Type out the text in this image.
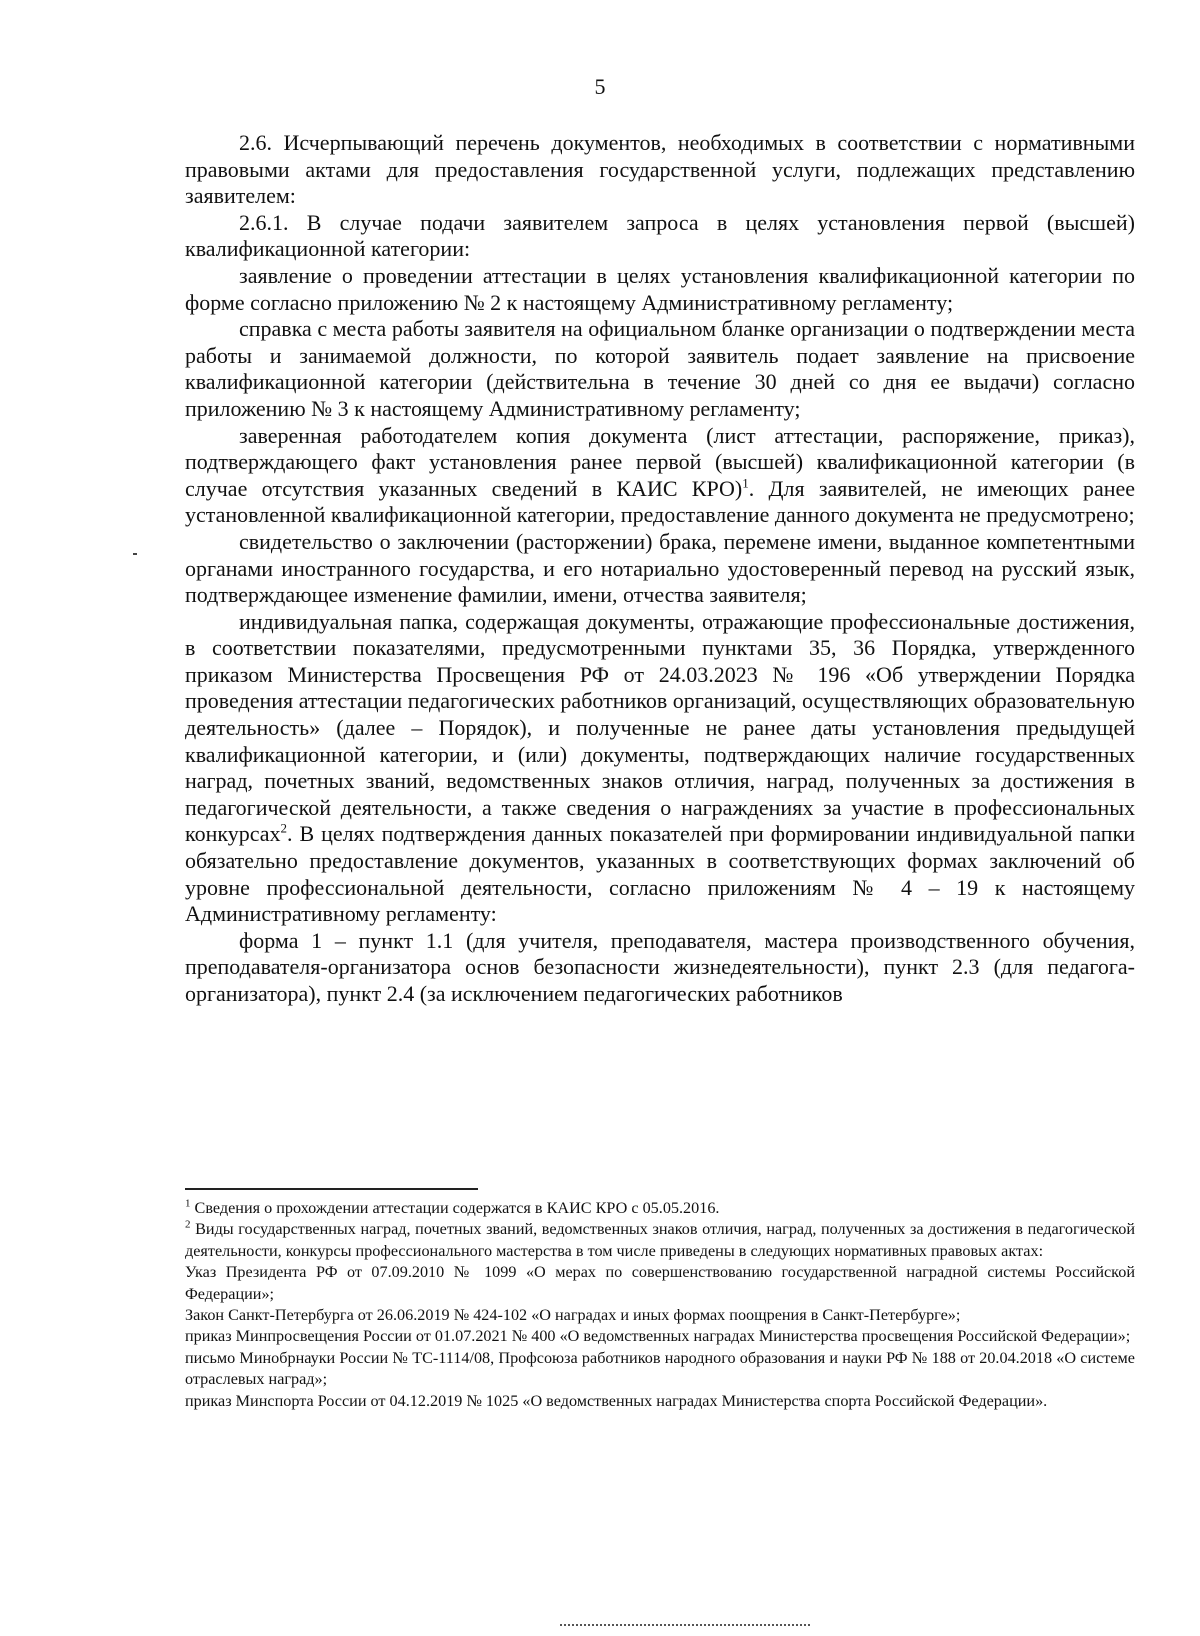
5

2.6. Исчерпывающий перечень документов, необходимых в соответствии с нормативными правовыми актами для предоставления государственной услуги, подлежащих представлению заявителем:

2.6.1. В случае подачи заявителем запроса в целях установления первой (высшей) квалификационной категории:

заявление о проведении аттестации в целях установления квалификационной категории по форме согласно приложению № 2 к настоящему Административному регламенту;

справка с места работы заявителя на официальном бланке организации о подтверждении места работы и занимаемой должности, по которой заявитель подает заявление на присвоение квалификационной категории (действительна в течение 30 дней со дня ее выдачи) согласно приложению № 3 к настоящему Административному регламенту;

заверенная работодателем копия документа (лист аттестации, распоряжение, приказ), подтверждающего факт установления ранее первой (высшей) квалификационной категории (в случае отсутствия указанных сведений в КАИС КРО)$^1$. Для заявителей, не имеющих ранее установленной квалификационной категории, предоставление данного документа не предусмотрено;

свидетельство о заключении (расторжении) брака, перемене имени, выданное компетентными органами иностранного государства, и его нотариально удостоверенный перевод на русский язык, подтверждающее изменение фамилии, имени, отчества заявителя;

индивидуальная папка, содержащая документы, отражающие профессиональные достижения, в соответствии показателями, предусмотренными пунктами 35, 36 Порядка, утвержденного приказом Министерства Просвещения РФ от 24.03.2023 № 196 «Об утверждении Порядка проведения аттестации педагогических работников организаций, осуществляющих образовательную деятельность» (далее – Порядок), и полученные не ранее даты установления предыдущей квалификационной категории, и (или) документы, подтверждающих наличие государственных наград, почетных званий, ведомственных знаков отличия, наград, полученных за достижения в педагогической деятельности, а также сведения о награждениях за участие в профессиональных конкурсах$^2$. В целях подтверждения данных показателей при формировании индивидуальной папки обязательно предоставление документов, указанных в соответствующих формах заключений об уровне профессиональной деятельности, согласно приложениям № 4 – 19 к настоящему Административному регламенту:

форма 1 – пункт 1.1 (для учителя, преподавателя, мастера производственного обучения, преподавателя-организатора основ безопасности жизнедеятельности), пункт 2.3 (для педагога-организатора), пункт 2.4 (за исключением педагогических работников

$^1$ Сведения о прохождении аттестации содержатся в КАИС КРО с 05.05.2016.

$^2$ Виды государственных наград, почетных званий, ведомственных знаков отличия, наград, полученных за достижения в педагогической деятельности, конкурсы профессионального мастерства в том числе приведены в следующих нормативных правовых актах:

Указ Президента РФ от 07.09.2010 № 1099 «О мерах по совершенствованию государственной наградной системы Российской Федерации»;

Закон Санкт-Петербурга от 26.06.2019 № 424-102 «О наградах и иных формах поощрения в Санкт-Петербурге»;

приказ Минпросвещения России от 01.07.2021 № 400 «О ведомственных наградах Министерства просвещения Российской Федерации»;

письмо Минобрнауки России № ТС-1114/08, Профсоюза работников народного образования и науки РФ № 188 от 20.04.2018 «О системе отраслевых наград»;

приказ Минспорта России от 04.12.2019 № 1025 «О ведомственных наградах Министерства спорта Российской Федерации».
